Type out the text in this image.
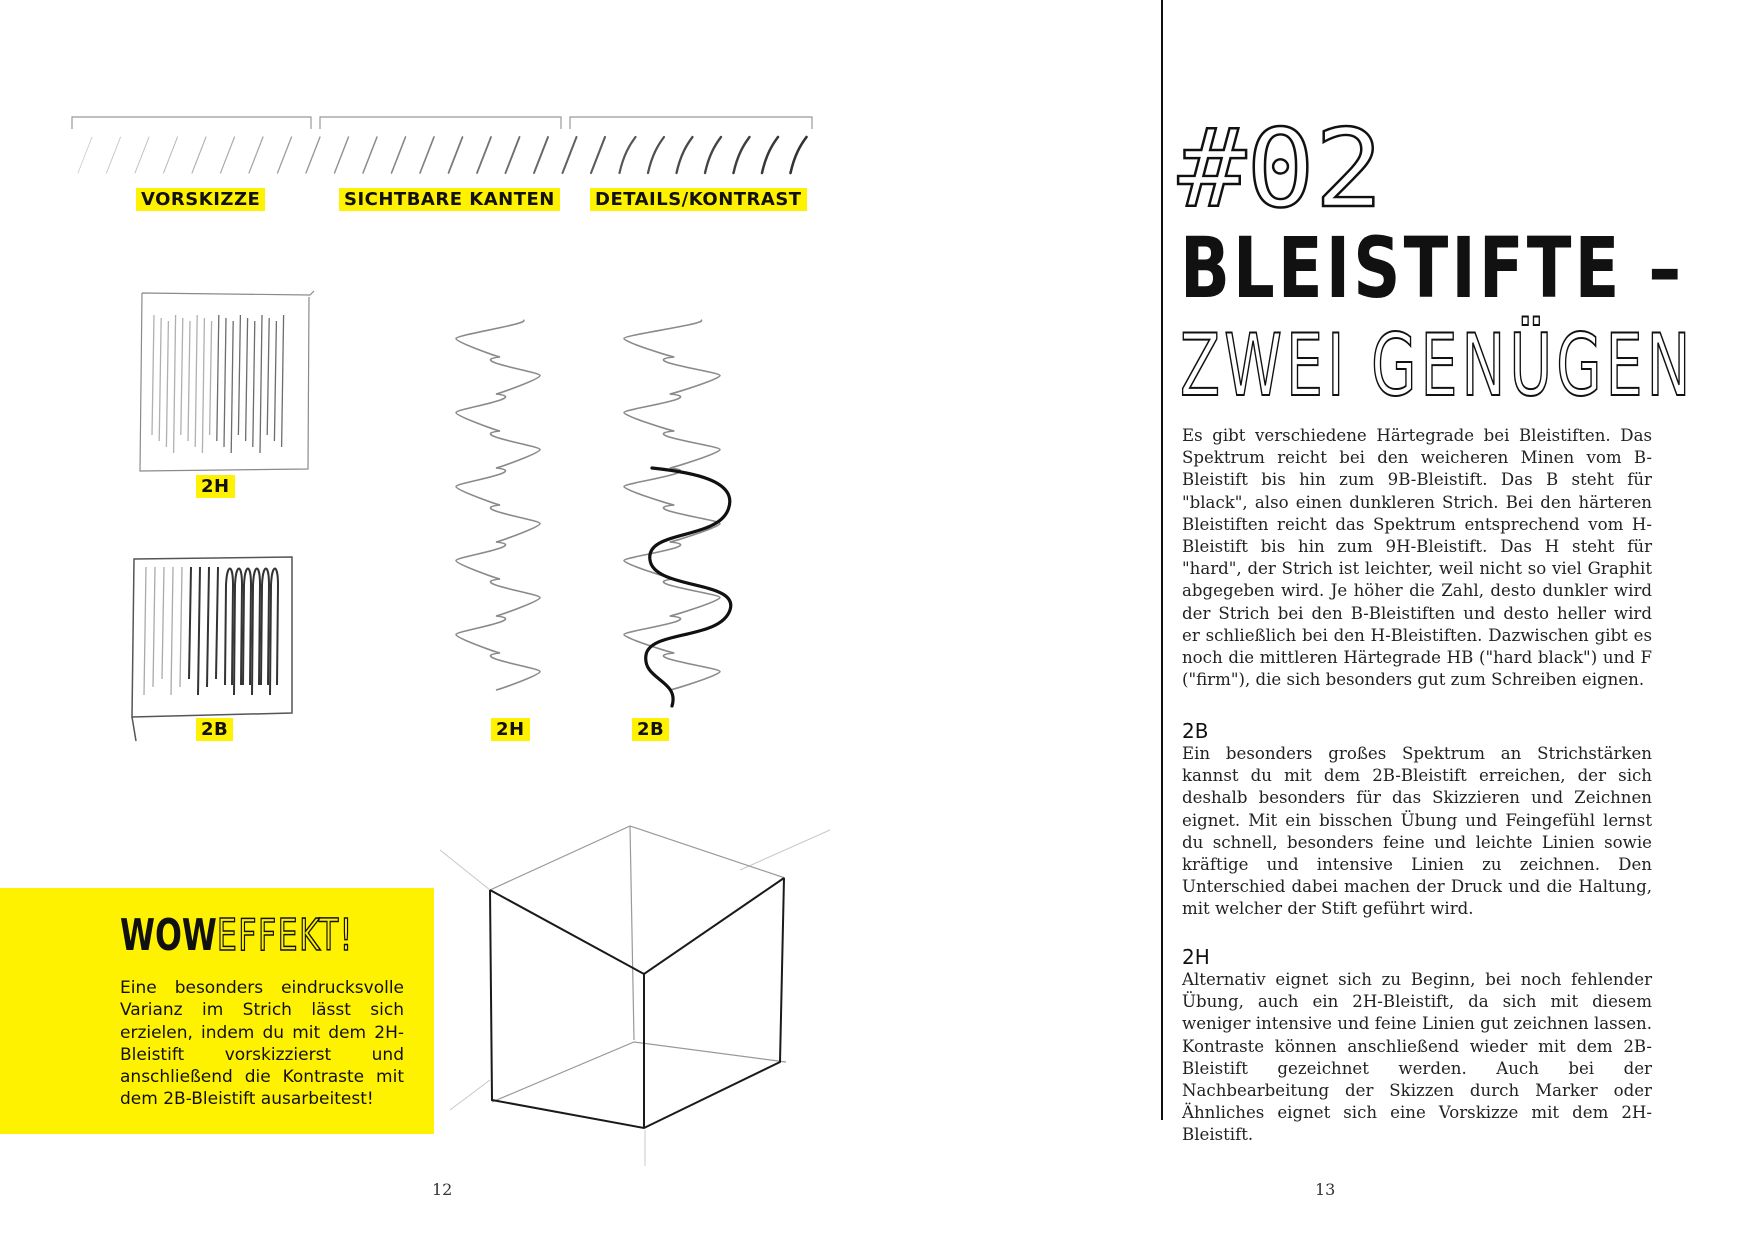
VORSKIZZE	SICHTBARE KANTEN DETAILS/KONTRAST
2H
2B	2H	2B
WOWEFFEKT!
Eine besonders eindrucksvolle Varianz im Strich lässt sich erzielen, indem du mit dem 2H-Bleistift vorskizzierst und anschließend die Kontraste mit dem 2B-Bleistift ausarbeitest!
12
#02
BLEISTIFTE –
ZWEI GENÜGEN
Es gibt verschiedene Härtegrade bei Bleistiften. Das Spektrum reicht bei den weicheren Minen vom B-Bleistift bis hin zum 9B-Bleistift. Das B steht für "black", also einen dunkleren Strich. Bei den härteren Bleistiften reicht das Spektrum entsprechend vom H-Bleistift bis hin zum 9H-Bleistift. Das H steht für "hard", der Strich ist leichter, weil nicht so viel Graphit abgegeben wird. Je höher die Zahl, desto dunkler wird der Strich bei den B-Bleistiften und desto heller wird er schließlich bei den H-Bleistiften. Dazwischen gibt es noch die mittleren Härtegrade HB ("hard black") und F ("firm"), die sich besonders gut zum Schreiben eignen.
2B
Ein besonders großes Spektrum an Strichstärken kannst du mit dem 2B-Bleistift erreichen, der sich deshalb besonders für das Skizzieren und Zeichnen eignet. Mit ein bisschen Übung und Feingefühl lernst du schnell, besonders feine und leichte Linien sowie kräftige und intensive Linien zu zeichnen. Den Unterschied dabei machen der Druck und die Haltung, mit welcher der Stift geführt wird.
2H
Alternativ eignet sich zu Beginn, bei noch fehlender Übung, auch ein 2H-Bleistift, da sich mit diesem weniger intensive und feine Linien gut zeichnen lassen. Kontraste können anschließend wieder mit dem 2B-Bleistift gezeichnet werden. Auch bei der Nachbearbeitung der Skizzen durch Marker oder Ähnliches eignet sich eine Vorskizze mit dem 2H-Bleistift.
13
